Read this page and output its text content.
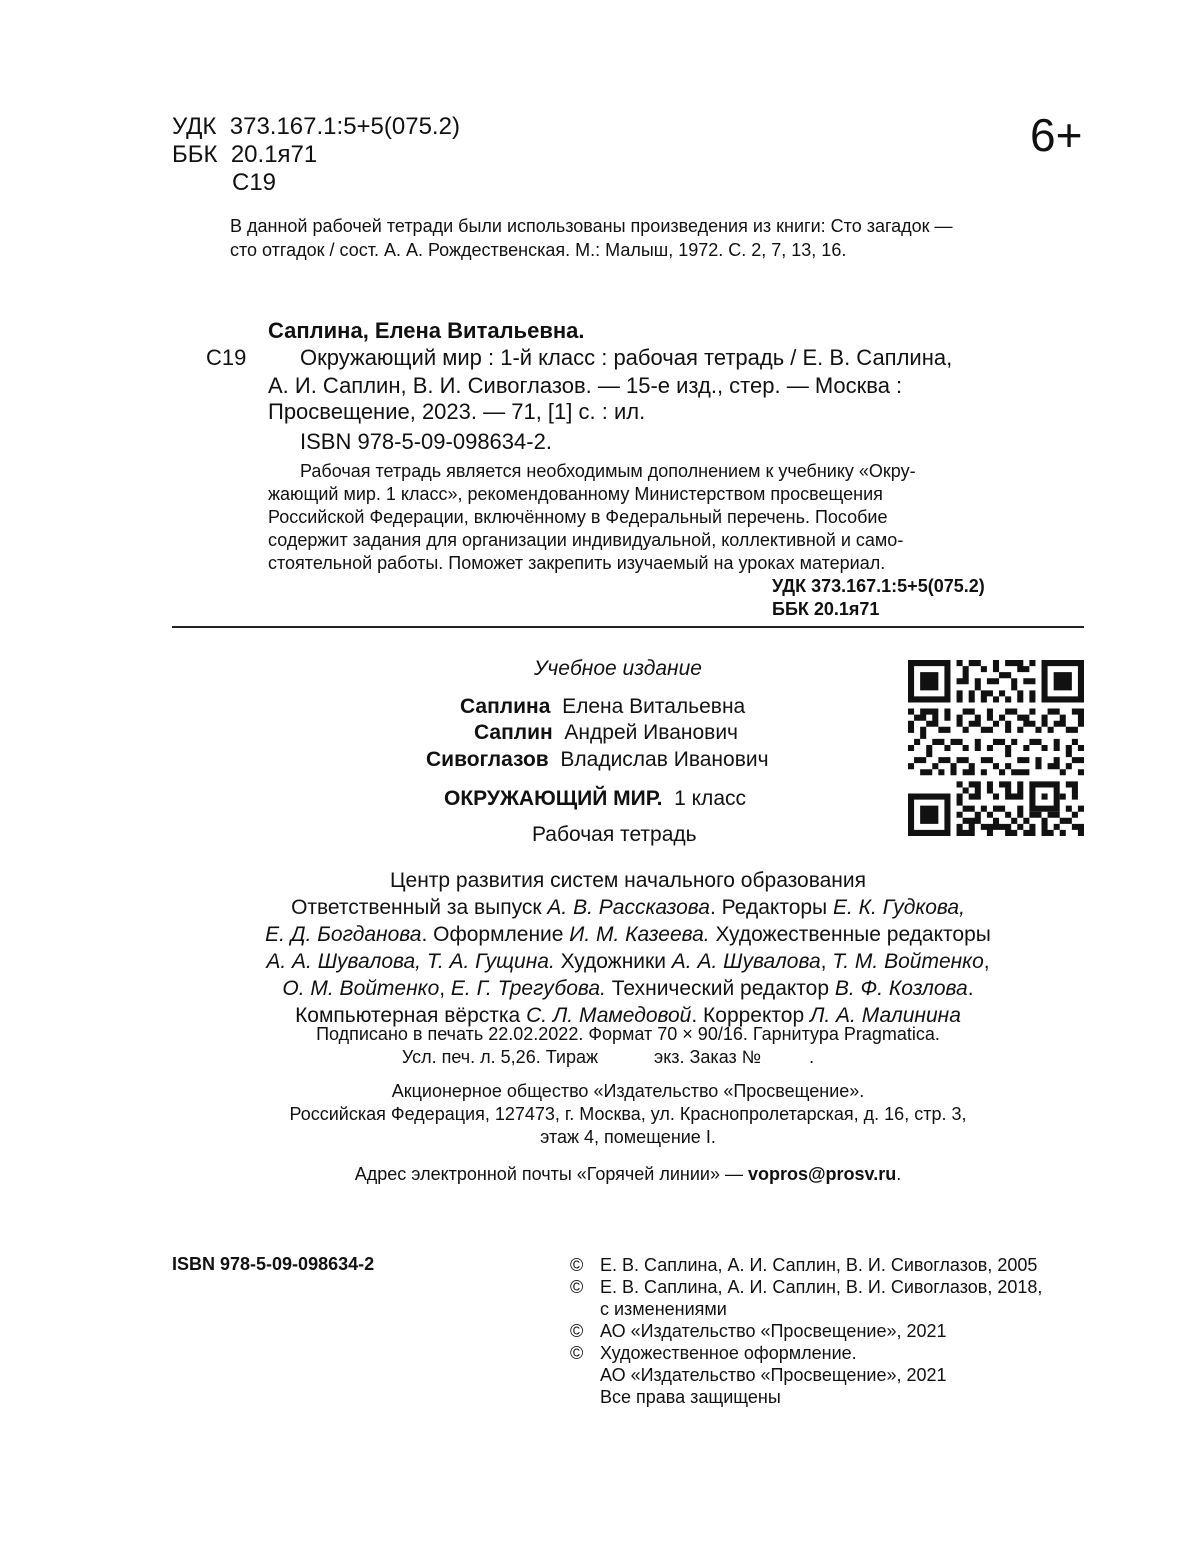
УДК 373.167.1:5+5(075.2)
ББК 20.1я71
С19
6+
В данной рабочей тетради были использованы произведения из книги: Сто загадок —
сто отгадок / сост. А. А. Рождественская. М.: Малыш, 1972. С. 2, 7, 13, 16.
Саплина, Елена Витальевна.
С19 Окружающий мир : 1-й класс : рабочая тетрадь / Е. В. Саплина,
А. И. Саплин, В. И. Сивоглазов. — 15-е изд., стер. — Москва :
Просвещение, 2023. — 71, [1] с. : ил.
ISBN 978-5-09-098634-2.
Рабочая тетрадь является необходимым дополнением к учебнику «Окру-
жающий мир. 1 класс», рекомендованному Министерством просвещения
Российской Федерации, включённому в Федеральный перечень. Пособие
содержит задания для организации индивидуальной, коллективной и само-
стоятельной работы. Поможет закрепить изучаемый на уроках материал.
УДК 373.167.1:5+5(075.2)
ББК 20.1я71
Учебное издание
Саплина Елена Витальевна
Саплин Андрей Иванович
Сивоглазов Владислав Иванович
ОКРУЖАЮЩИЙ МИР. 1 класс
Рабочая тетрадь
Центр развития систем начального образования
Ответственный за выпуск А. В. Рассказова. Редакторы Е. К. Гудкова,
Е. Д. Богданова. Оформление И. М. Казеева. Художественные редакторы
А. А. Шувалова, Т. А. Гущина. Художники А. А. Шувалова, Т. М. Войтенко,
О. М. Войтенко, Е. Г. Трегубова. Технический редактор В. Ф. Козлова.
Компьютерная вёрстка С. Л. Мамедовой. Корректор Л. А. Малинина
Подписано в печать 22.02.2022. Формат 70 × 90/16. Гарнитура Pragmatica.
Усл. печ. л. 5,26. Тираж	экз. Заказ №	.
Акционерное общество «Издательство «Просвещение».
Российская Федерация, 127473, г. Москва, ул. Краснопролетарская, д. 16, стр. 3,
этаж 4, помещение I.
Адрес электронной почты «Горячей линии» — vopros@prosv.ru.
ISBN 978-5-09-098634-2	© Е. В. Саплина, А. И. Саплин, В. И. Сивоглазов, 2005
© Е. В. Саплина, А. И. Саплин, В. И. Сивоглазов, 2018,
с изменениями
© АО «Издательство «Просвещение», 2021
© Художественное оформление.
АО «Издательство «Просвещение», 2021
Все права защищены
